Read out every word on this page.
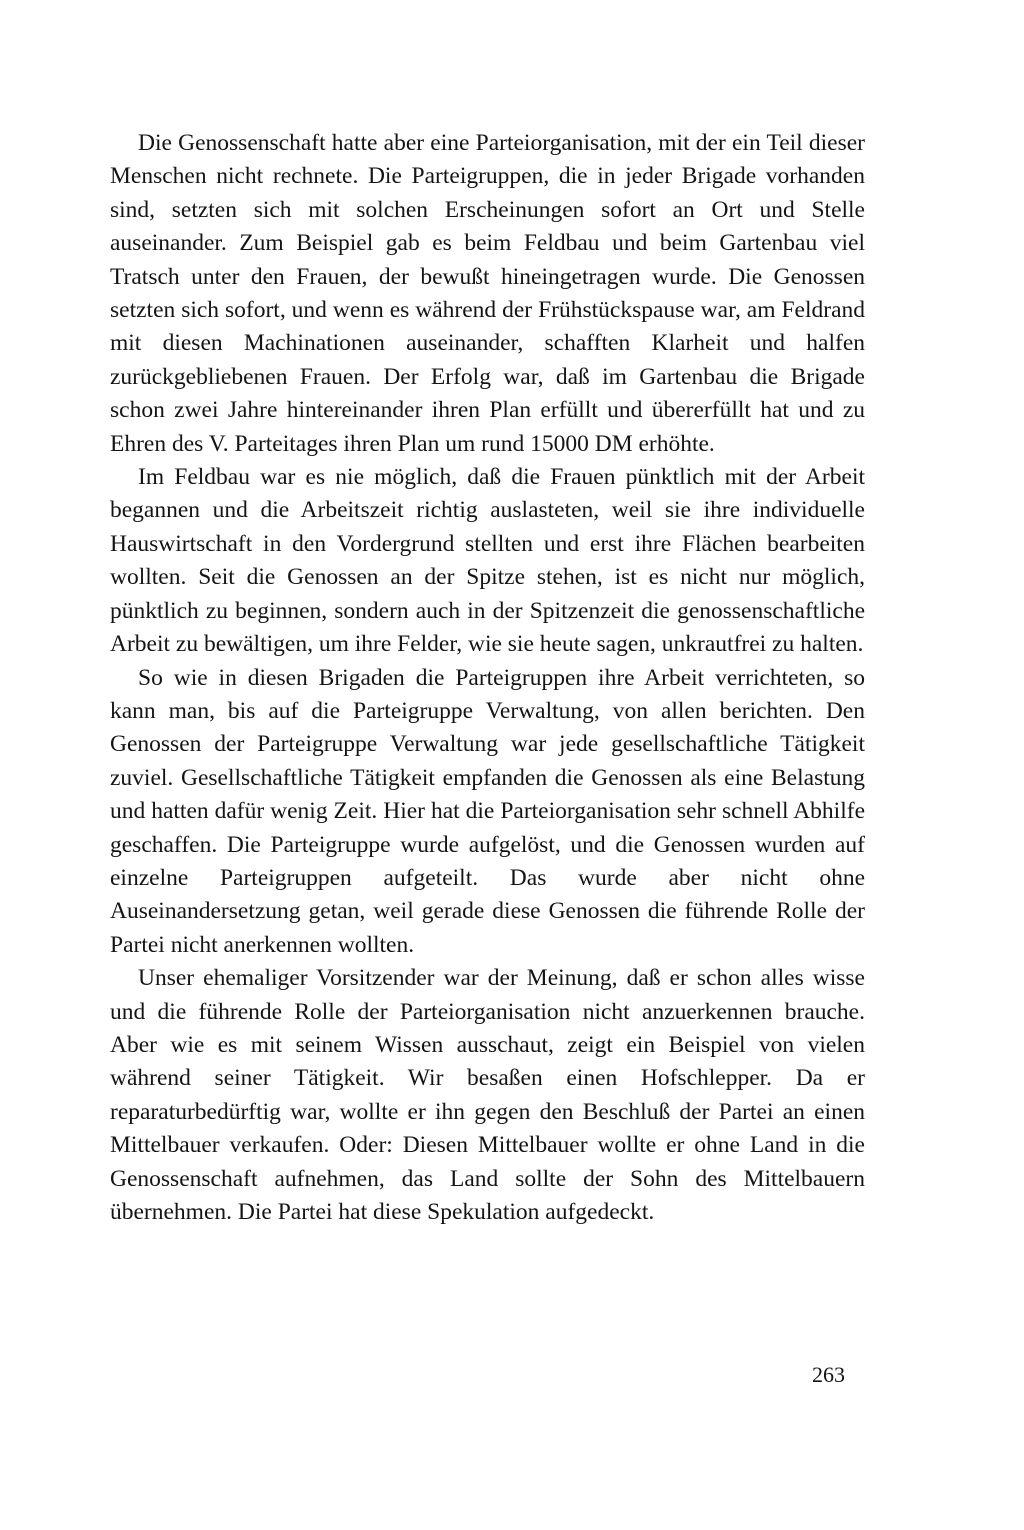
Die Genossenschaft hatte aber eine Parteiorganisation, mit der ein Teil dieser Menschen nicht rechnete. Die Parteigruppen, die in jeder Brigade vorhanden sind, setzten sich mit solchen Erscheinungen sofort an Ort und Stelle auseinander. Zum Beispiel gab es beim Feldbau und beim Gartenbau viel Tratsch unter den Frauen, der bewußt hineingetragen wurde. Die Genossen setzten sich sofort, und wenn es während der Frühstückspause war, am Feldrand mit diesen Machinationen auseinander, schafften Klarheit und halfen zurückgebliebenen Frauen. Der Erfolg war, daß im Gartenbau die Brigade schon zwei Jahre hintereinander ihren Plan erfüllt und übererfüllt hat und zu Ehren des V. Parteitages ihren Plan um rund 15000 DM erhöhte.

Im Feldbau war es nie möglich, daß die Frauen pünktlich mit der Arbeit begannen und die Arbeitszeit richtig auslasteten, weil sie ihre individuelle Hauswirtschaft in den Vordergrund stellten und erst ihre Flächen bearbeiten wollten. Seit die Genossen an der Spitze stehen, ist es nicht nur möglich, pünktlich zu beginnen, sondern auch in der Spitzenzeit die genossenschaftliche Arbeit zu bewältigen, um ihre Felder, wie sie heute sagen, unkrautfrei zu halten.

So wie in diesen Brigaden die Parteigruppen ihre Arbeit verrichteten, so kann man, bis auf die Parteigruppe Verwaltung, von allen berichten. Den Genossen der Parteigruppe Verwaltung war jede gesellschaftliche Tätigkeit zuviel. Gesellschaftliche Tätigkeit empfanden die Genossen als eine Belastung und hatten dafür wenig Zeit. Hier hat die Parteiorganisation sehr schnell Abhilfe geschaffen. Die Parteigruppe wurde aufgelöst, und die Genossen wurden auf einzelne Parteigruppen aufgeteilt. Das wurde aber nicht ohne Auseinandersetzung getan, weil gerade diese Genossen die führende Rolle der Partei nicht anerkennen wollten.

Unser ehemaliger Vorsitzender war der Meinung, daß er schon alles wisse und die führende Rolle der Parteiorganisation nicht anzuerkennen brauche. Aber wie es mit seinem Wissen ausschaut, zeigt ein Beispiel von vielen während seiner Tätigkeit. Wir besaßen einen Hofschlepper. Da er reparaturbedürftig war, wollte er ihn gegen den Beschluß der Partei an einen Mittelbauer verkaufen. Oder: Diesen Mittelbauer wollte er ohne Land in die Genossenschaft aufnehmen, das Land sollte der Sohn des Mittelbauern übernehmen. Die Partei hat diese Spekulation aufgedeckt.

263
